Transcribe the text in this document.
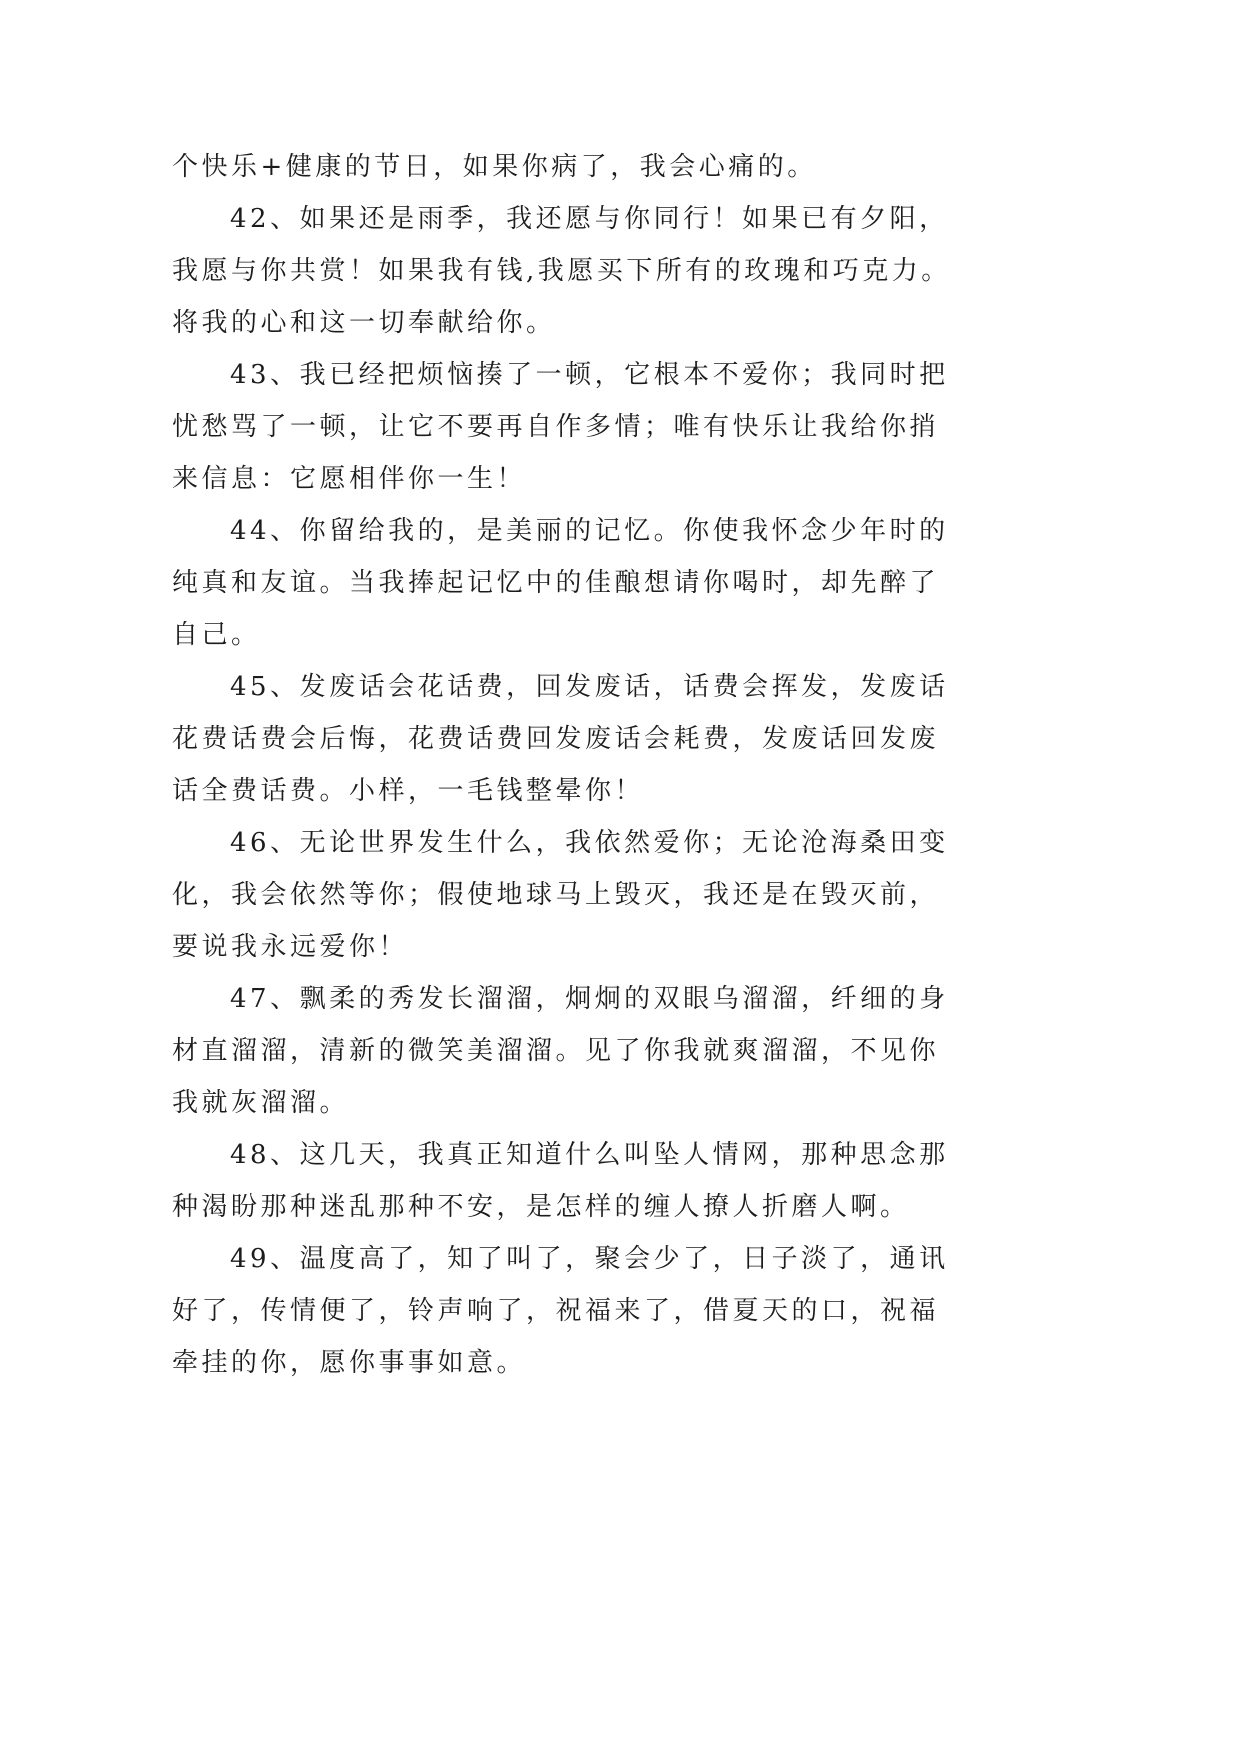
个快乐+健康的节日，如果你病了，我会心痛的。
42、如果还是雨季，我还愿与你同行！如果已有夕阳，
我愿与你共赏！如果我有钱,我愿买下所有的玫瑰和巧克力。
将我的心和这一切奉献给你。
43、我已经把烦恼揍了一顿，它根本不爱你；我同时把
忧愁骂了一顿，让它不要再自作多情；唯有快乐让我给你捎
来信息：它愿相伴你一生！
44、你留给我的，是美丽的记忆。你使我怀念少年时的
纯真和友谊。当我捧起记忆中的佳酿想请你喝时，却先醉了
自己。
45、发废话会花话费，回发废话，话费会挥发，发废话
花费话费会后悔，花费话费回发废话会耗费，发废话回发废
话全费话费。小样，一毛钱整晕你！
46、无论世界发生什么，我依然爱你；无论沧海桑田变
化，我会依然等你；假使地球马上毁灭，我还是在毁灭前，
要说我永远爱你！
47、飘柔的秀发长溜溜，炯炯的双眼乌溜溜，纤细的身
材直溜溜，清新的微笑美溜溜。见了你我就爽溜溜，不见你
我就灰溜溜。
48、这几天，我真正知道什么叫坠人情网，那种思念那
种渴盼那种迷乱那种不安，是怎样的缠人撩人折磨人啊。
49、温度高了，知了叫了，聚会少了，日子淡了，通讯
好了，传情便了，铃声响了，祝福来了，借夏天的口，祝福
牵挂的你，愿你事事如意。
